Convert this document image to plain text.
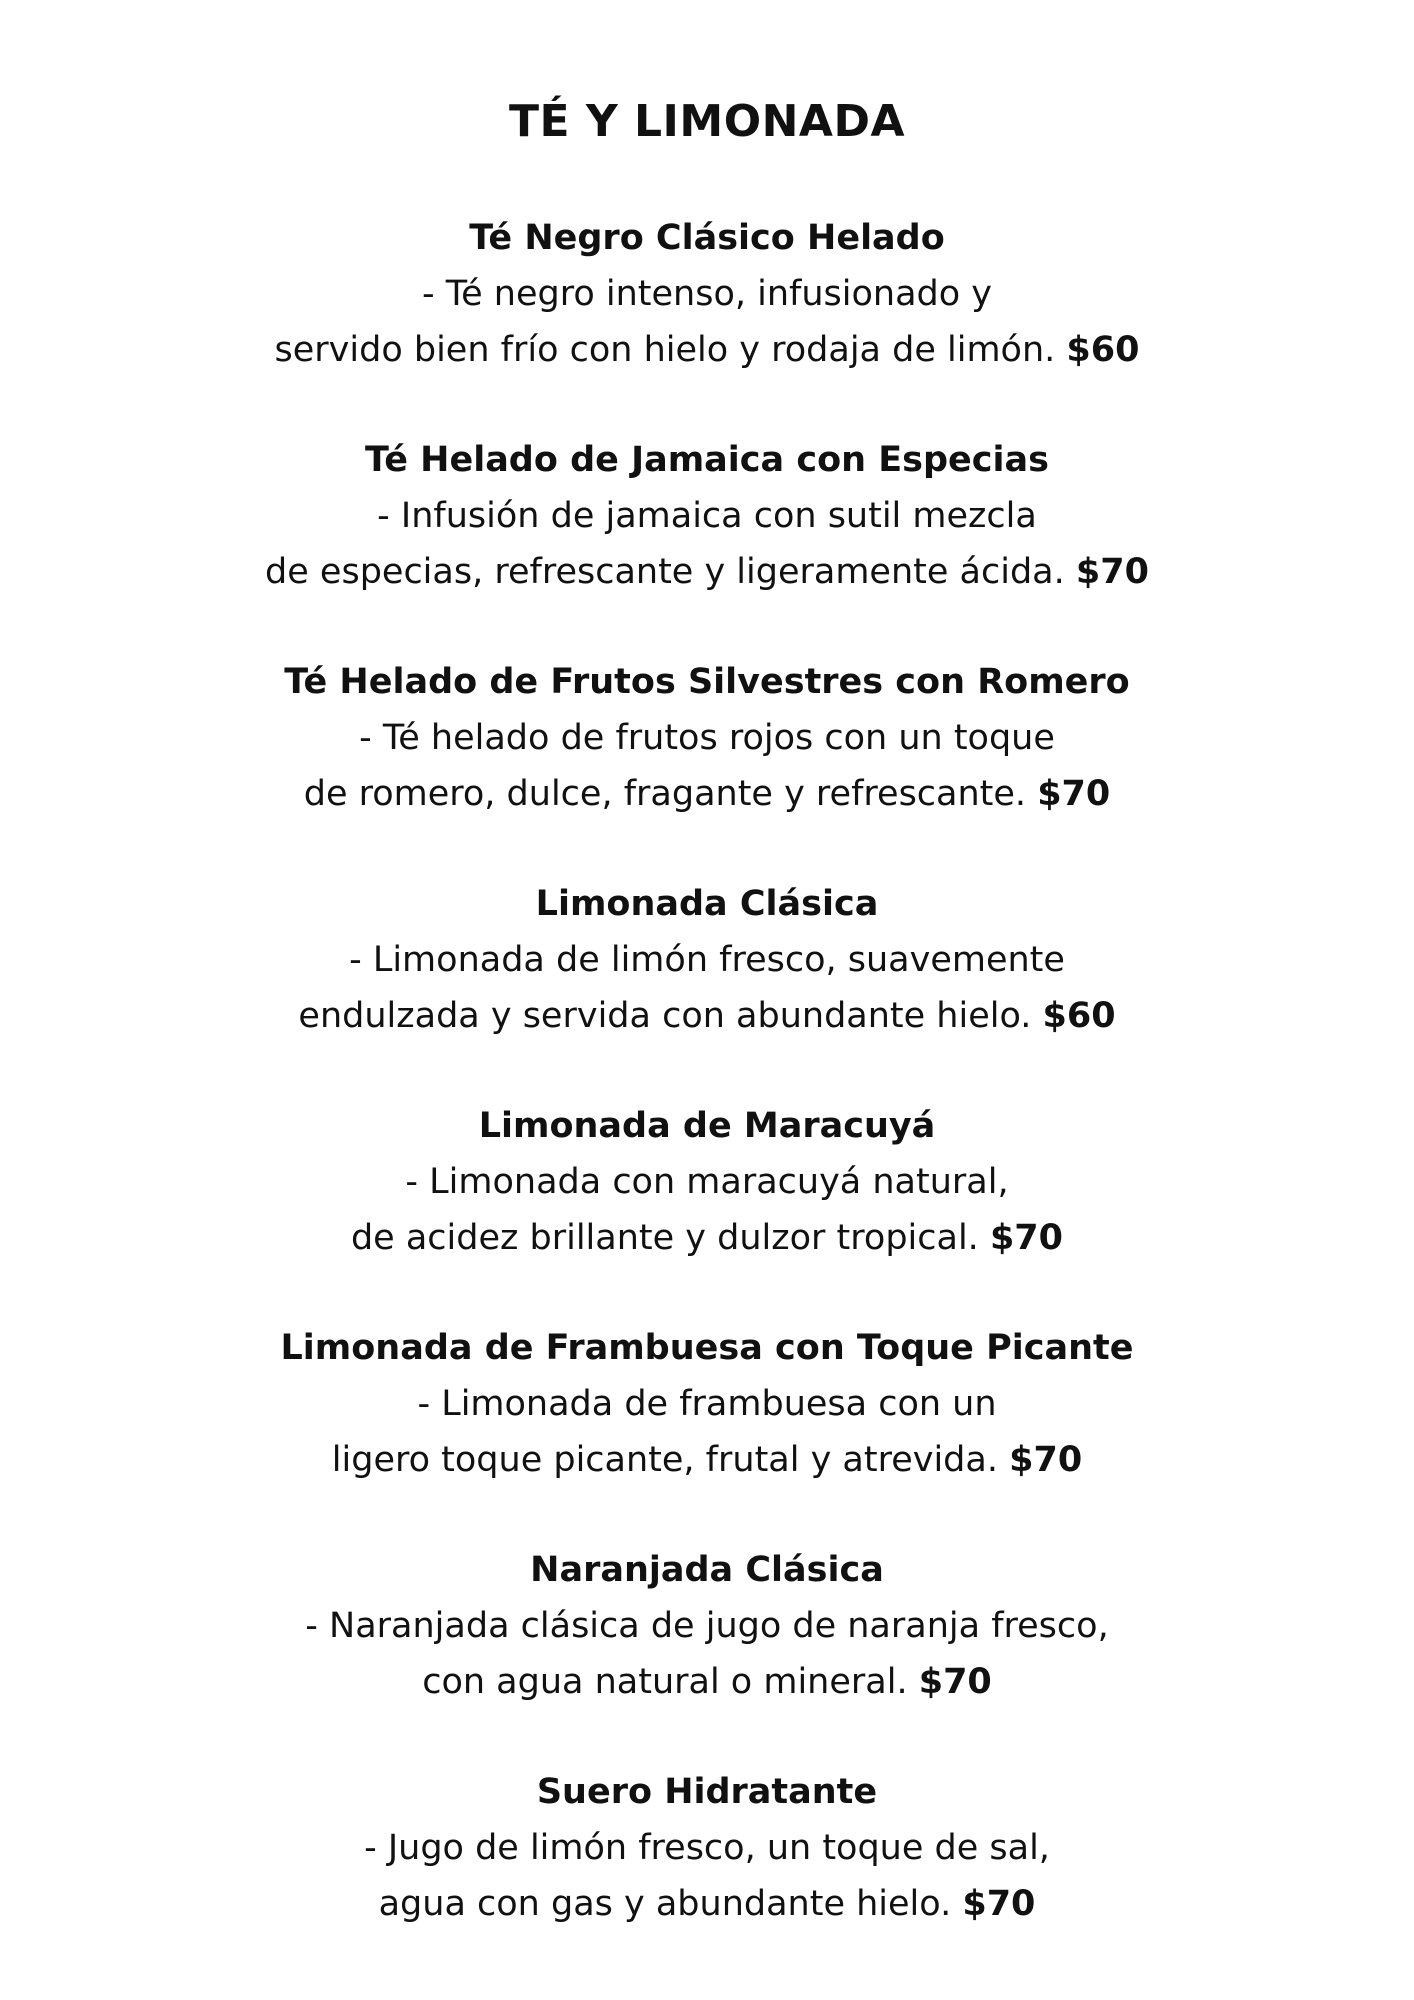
TÉ Y LIMONADA
Té Negro Clásico Helado
- Té negro intenso, infusionado y
servido bien frío con hielo y rodaja de limón. $60
Té Helado de Jamaica con Especias
- Infusión de jamaica con sutil mezcla
de especias, refrescante y ligeramente ácida. $70
Té Helado de Frutos Silvestres con Romero
- Té helado de frutos rojos con un toque
de romero, dulce, fragante y refrescante. $70
Limonada Clásica
- Limonada de limón fresco, suavemente
endulzada y servida con abundante hielo. $60
Limonada de Maracuyá
- Limonada con maracuyá natural,
de acidez brillante y dulzor tropical. $70
Limonada de Frambuesa con Toque Picante
- Limonada de frambuesa con un
ligero toque picante, frutal y atrevida. $70
Naranjada Clásica
- Naranjada clásica de jugo de naranja fresco,
con agua natural o mineral. $70
Suero Hidratante
- Jugo de limón fresco, un toque de sal,
agua con gas y abundante hielo. $70
